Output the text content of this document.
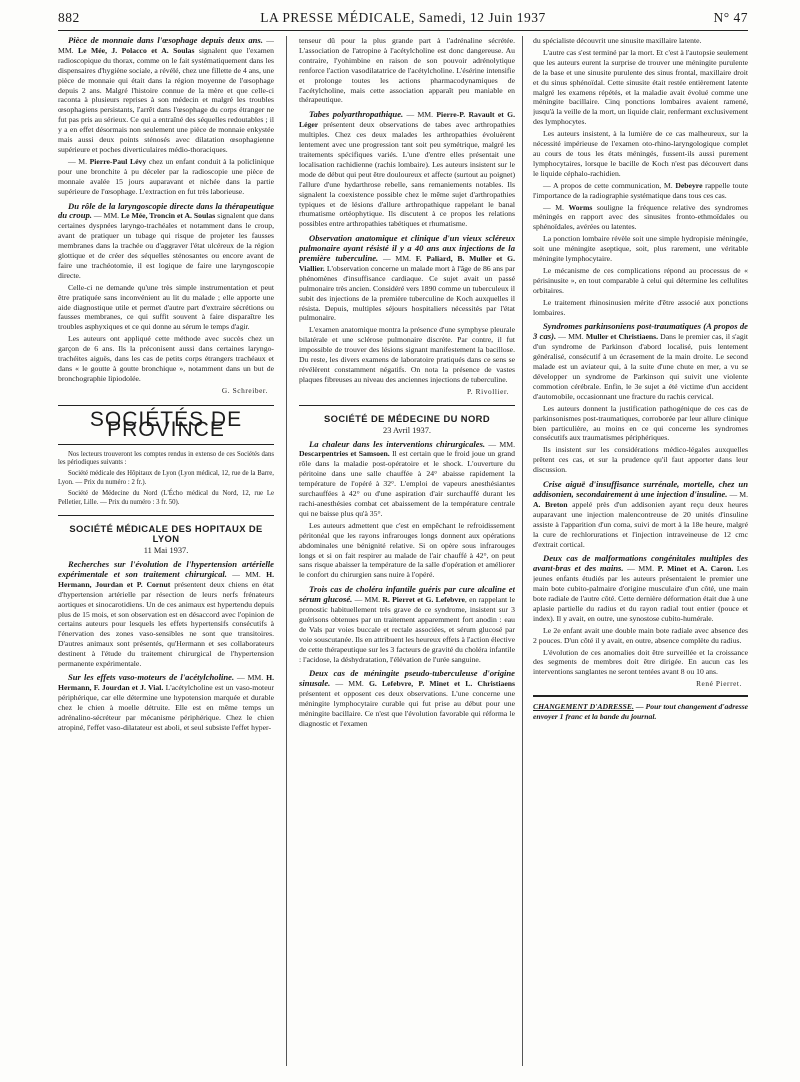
882	LA PRESSE MÉDICALE, Samedi, 12 Juin 1937	N° 47

Pièce de monnaie dans l'œsophage depuis deux ans. — MM. Le Mée, J. Polacco et A. Soulas signalent que l'examen radioscopique du thorax, comme on le fait systématiquement dans les dispensaires d'hygiène sociale, a révélé, chez une fillette de 4 ans, une pièce de monnaie qui était dans la région moyenne de l'œsophage depuis 2 ans. Malgré l'histoire connue de la mère et que celle-ci raconta à plusieurs reprises à son médecin et malgré les troubles œsophagiens persistants, l'arrêt dans l'œsophage du corps étranger ne fut pas pris au sérieux. Ce qui a entraîné des séquelles redoutables ; il y a en effet désormais non seulement une pièce de monnaie enkystée mais aussi deux points sténosés avec dilatation œsophagienne supérieure et poches diverticulaires médio-thoraciques.

— M. Pierre-Paul Lévy chez un enfant conduit à la policlinique pour une bronchite à pu déceler par la radioscopie une pièce de monnaie avalée 15 jours auparavant et nichée dans la partie supérieure de l'œsophage. L'extraction en fut très laborieuse.

Du rôle de la laryngoscopie directe dans la thérapeutique du croup. — MM. Le Mée, Troncin et A. Soulas signalent que dans certaines dyspnées laryngo-trachéales et notamment dans le croup, avant de pratiquer un tubage qui risque de projeter les fausses membranes dans la trachée ou d'aggraver l'état ulcéreux de la région glottique et de créer des séquelles sténosantes ou encore avant de faire une trachéotomie, il est logique de faire une laryngoscopie directe.

Celle-ci ne demande qu'une très simple instrumentation et peut être pratiquée sans inconvénient au lit du malade ; elle apporte une aide diagnostique utile et permet d'autre part d'extraire sécrétions ou fausses membranes, ce qui suffit souvent à faire disparaître les troubles asphyxiques et ce qui donne au sérum le temps d'agir.

Les auteurs ont appliqué cette méthode avec succès chez un garçon de 6 ans. Ils la préconisent aussi dans certaines laryngo-trachéites aiguës, dans les cas de petits corps étrangers trachéaux et dans « le goutte à goutte bronchique », notamment dans un but de bronchographie lipiodolée.

G. Schreiber.
SOCIÉTÉS DE PROVINCE

Nos lecteurs trouveront les comptes rendus in extenso de ces Sociétés dans les périodiques suivants :

Société médicale des Hôpitaux de Lyon (Lyon médical, 12, rue de la Barre, Lyon. — Prix du numéro : 2 fr.).

Société de Médecine du Nord (L'Écho médical du Nord, 12, rue Le Pelletier, Lille. — Prix du numéro : 3 fr. 50).

SOCIÉTÉ MÉDICALE DES HOPITAUX DE LYON
11 Mai 1937.

Recherches sur l'évolution de l'hypertension artérielle expérimentale et son traitement chirurgical. — MM. H. Hermann, Jourdan et P. Cornut présentent deux chiens en état d'hypertension artérielle par résection de leurs nerfs frénateurs aortiques et sinocarotidiens. Un de ces animaux est hypertendu depuis plus de 15 mois, et son observation est en désaccord avec l'opinion de certains auteurs pour lesquels les effets hypertensifs consécutifs à l'énervation des zones vaso-sensibles ne sont que transitoires. D'autres animaux sont présentés, qu'Hermann et ses collaborateurs destinent à l'étude du traitement chirurgical de l'hypertension permanente expérimentale.

Sur les effets vaso-moteurs de l'acétylcholine. — MM. H. Hermann, F. Jourdan et J. Vial. L'acétylcholine est un vaso-moteur périphérique, car elle détermine une hypotension marquée et durable chez le chien à moelle détruite. Elle est en même temps un adrénalino-sécréteur par mécanisme périphérique. Chez le chien atropiné, l'effet vaso-dilatateur est aboli, et seul subsiste l'effet hyper-

tenseur dû pour la plus grande part à l'adrénaline sécrétée. L'association de l'atropine à l'acétylcholine est donc dangereuse. Au contraire, l'yohimbine en raison de son pouvoir adrénolytique renforce l'action vasodilatatrice de l'acétylcholine. L'ésérine intensifie et prolonge toutes les actions pharmacodynamiques de l'acétylcholine, mais cette association apparaît peu maniable en thérapeutique.

Tabes polyarthropathique. — MM. Pierre-P. Ravault et G. Léger présentent deux observations de tabes avec arthropathies multiples. Chez ces deux malades les arthropathies évoluèrent lentement avec une progression tant soit peu symétrique, malgré les traitements spécifiques variés. L'une d'entre elles présentait une localisation rachidienne (rachis lombaire). Les auteurs insistent sur le mode de début qui peut être douloureux et affecte (surtout au poignet) l'allure d'une hydarthrose rebelle, sans remaniements notables. Ils signalent la coexistence possible chez le même sujet d'arthropathies typiques et de lésions d'allure arthropathique rappelant le banal rhumatisme ortéophytique. Ils discutent à ce propos les relations possibles entre arthropathies tabétiques et rhumatisme.

Observation anatomique et clinique d'un vieux scléreux pulmonaire ayant résisté il y a 40 ans aux injections de la première tuberculine. — MM. F. Paliard, B. Muller et G. Viallier. L'observation concerne un malade mort à l'âge de 86 ans par phénomènes d'insuffisance cardiaque. Ce sujet avait un passé pulmonaire très ancien. Considéré vers 1890 comme un tuberculeux il subit des injections de la première tuberculine de Koch auxquelles il résista. Depuis, multiples séjours hospitaliers nécessités par l'état pulmonaire.

L'examen anatomique montra la présence d'une symphyse pleurale bilatérale et une sclérose pulmonaire discrète. Par contre, il fut impossible de trouver des lésions signant manifestement la bacillose. Du reste, les divers examens de laboratoire pratiqués dans ce sens se révélèrent constamment négatifs. On nota la présence de vastes plaques fibreuses au niveau des anciennes injections de tuberculine.

P. Rivollier.
SOCIÉTÉ DE MÉDECINE DU NORD
23 Avril 1937.

La chaleur dans les interventions chirurgicales. — MM. Descarpentries et Samsoen. Il est certain que le froid joue un grand rôle dans la maladie post-opératoire et le shock. L'ouverture du péritoine dans une salle chauffée à 24° abaisse rapidement la température de l'opéré à 32°. L'emploi de vapeurs anesthésiantes surchauffées à 42° ou d'une aspiration d'air surchauffé durant les rachi-anesthésies combat cet abaissement de la température centrale qui ne baisse plus qu'à 35°.

Les auteurs admettent que c'est en empêchant le refroidissement péritonéal que les rayons infrarouges longs donnent aux opérations abdominales une bénignité relative. Si on opère sous infrarouges longs et si on fait respirer au malade de l'air chauffé à 42°, on peut sans risque abaisser la température de la salle d'opération et améliorer le confort du chirurgien sans nuire à l'opéré.

Trois cas de choléra infantile guéris par cure alcaline et sérum glucosé. — MM. R. Pierret et G. Lefebvre, en rappelant le pronostic habituellement très grave de ce syndrome, insistent sur 3 guérisons obtenues par un traitement apparemment fort anodin : eau de Vals par voies buccale et rectale associées, et sérum glucosé par voie souscutanée. Ils en attribuent les heureux effets à l'action élective de cette thérapeutique sur les 3 facteurs de gravité du choléra infantile : l'acidose, la déshydratation, l'élévation de l'urée sanguine.

Deux cas de méningite pseudo-tuberculeuse d'origine sinusale. — MM. G. Lefebvre, P. Minet et L. Christiaens présentent et opposent ces deux observations. L'une concerne une méningite lymphocytaire curable qui fut prise au début pour une méningite bacillaire. Ce n'est que l'évolution favorable qui réforma le diagnostic et l'examen

du spécialiste découvrit une sinusite maxillaire latente.

L'autre cas s'est terminé par la mort. Et c'est à l'autopsie seulement que les auteurs eurent la surprise de trouver une méningite purulente de la base et une sinusite purulente des sinus frontal, maxillaire droit et du sinus sphénoïdal. Cette sinusite était restée entièrement latente malgré les examens répétés, et la maladie avait évolué comme une méningite bacillaire. Cinq ponctions lombaires avaient ramené, jusqu'à la veille de la mort, un liquide clair, renfermant exclusivement des lymphocytes.

Les auteurs insistent, à la lumière de ce cas malheureux, sur la nécessité impérieuse de l'examen oto-rhino-laryngologique complet au cours de tous les états méningés, fussent-ils aussi purement lymphocytaires, lorsque le bacille de Koch n'est pas découvert dans le liquide céphalo-rachidien.

— A propos de cette communication, M. Debeyre rappelle toute l'importance de la radiographie systématique dans tous ces cas.

— M. Worms souligne la fréquence relative des syndromes méningés en rapport avec des sinusites fronto-ethmoïdales ou sphénoïdales, avérées ou latentes.

La ponction lombaire révèle soit une simple hydropisie méningée, soit une méningite aseptique, soit, plus rarement, une véritable méningite lymphocytaire.

Le mécanisme de ces complications répond au processus de « périsinusite », en tout comparable à celui qui détermine les cellulites orbitaires.

Le traitement rhinosinusien mérite d'être associé aux ponctions lombaires.

Syndromes parkinsoniens post-traumatiques (A propos de 3 cas). — MM. Muller et Christiaens. Dans le premier cas, il s'agit d'un syndrome de Parkinson d'abord localisé, puis lentement généralisé, consécutif à un écrasement de la main droite. Le second malade est un aviateur qui, à la suite d'une chute en mer, a vu se développer un syndrome de Parkinson qui suivit une violente commotion cérébrale. Enfin, le 3e sujet a été victime d'un accident d'automobile, occasionnant une fracture du rachis cervical.

Les auteurs donnent la justification pathogénique de ces cas de parkinsonismes post-traumatiques, corroborée par leur allure clinique bien particulière, au moins en ce qui concerne les syndromes consécutifs aux traumatismes périphériques.

Ils insistent sur les considérations médico-légales auxquelles prêtent ces cas, et sur la prudence qu'il faut apporter dans leur discussion.

Crise aiguë d'insuffisance surrénale, mortelle, chez un addisonien, secondairement à une injection d'insuline. — M. A. Breton appelé près d'un addisonien ayant reçu deux heures auparavant une injection malencontreuse de 20 unités d'insuline assiste à l'apparition d'un coma, suivi de mort à la 18e heure, malgré la cure de rechlorurations et l'injection intraveineuse de 12 cmc d'extrait cortical.

Deux cas de malformations congénitales multiples des avant-bras et des mains. — MM. P. Minet et A. Caron. Les jeunes enfants étudiés par les auteurs présentaient le premier une main bote cubito-palmaire d'origine musculaire d'un côté, une main bote radiale de l'autre côté. Cette dernière déformation était due à une aplasie partielle du radius et du rayon radial tout entier (pouce et index). Il y avait, en outre, une synostose cubito-humérale.

Le 2e enfant avait une double main bote radiale avec absence des 2 pouces. D'un côté il y avait, en outre, absence complète du radius.

L'évolution de ces anomalies doit être surveillée et la croissance des segments de membres doit être dirigée. En aucun cas les interventions sanglantes ne seront tentées avant 8 ou 10 ans.

René Pierret.
CHANGEMENT D'ADRESSE. — Pour tout changement d'adresse envoyer 1 franc et la bande du journal.
